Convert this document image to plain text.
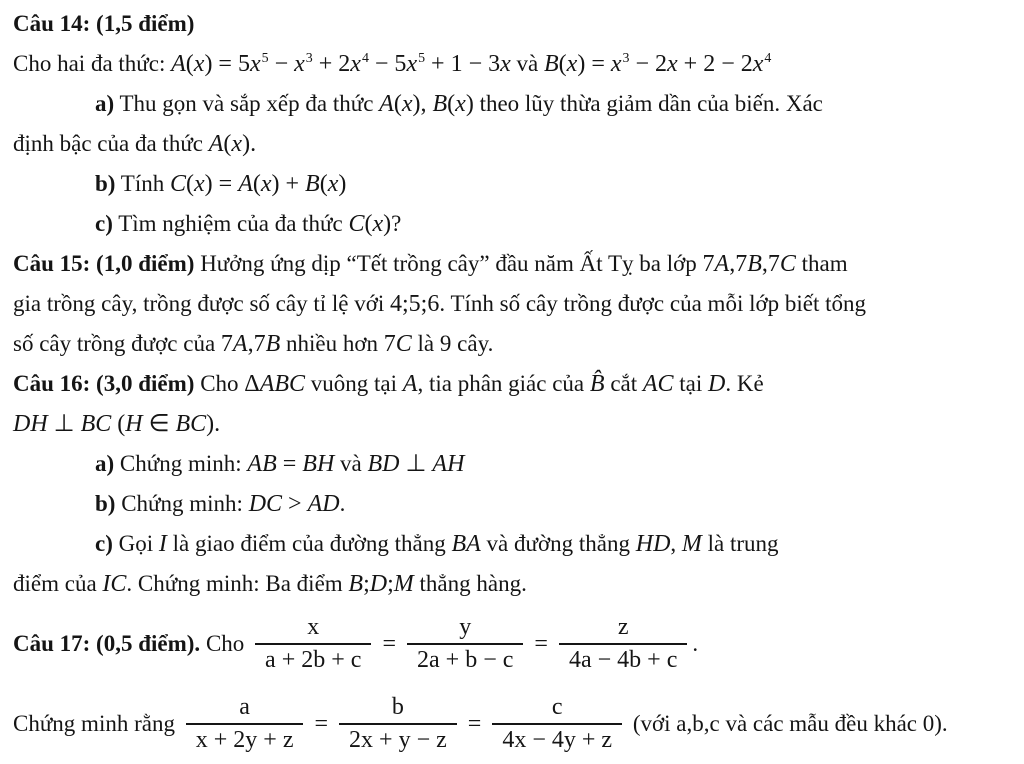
Câu 14: (1,5 điểm)
Cho hai đa thức: $A(x) = 5x^5 - x^3 + 2x^4 - 5x^5 + 1 - 3x$ và $B(x) = x^3 - 2x + 2 - 2x^4$
a) Thu gọn và sắp xếp đa thức A(x), B(x) theo lũy thừa giảm dần của biến. Xác
định bậc của đa thức A(x).
b) Tính C(x) = A(x) + B(x)
c) Tìm nghiệm của đa thức C(x)?
Câu 15: (1,0 điểm) Hưởng ứng dịp “Tết trồng cây” đầu năm Ất Tỵ ba lớp 7A,7B,7C tham
gia trồng cây, trồng được số cây tỉ lệ với 4;5;6. Tính số cây trồng được của mỗi lớp biết tổng
số cây trồng được của 7A,7B nhiều hơn 7C là 9 cây.
Câu 16: (3,0 điểm) Cho ΔABC vuông tại A, tia phân giác của B̂ cắt AC tại D. Kẻ
DH ⊥ BC (H ∈ BC).
a) Chứng minh: AB = BH và BD ⊥ AH
b) Chứng minh: DC > AD.
c) Gọi I là giao điểm của đường thẳng BA và đường thẳng HD, M là trung
điểm của IC. Chứng minh: Ba điểm B;D;M thẳng hàng.
Câu 17: (0,5 điểm). Cho $\frac{x}{a + 2b + c} = \frac{y}{2a + b - c} = \frac{z}{4a - 4b + c}$ .
Chứng minh rằng $\frac{a}{x + 2y + z} = \frac{b}{2x + y - z} = \frac{c}{4x - 4y + z}$ (với a,b,c và các mẫu đều khác 0).
